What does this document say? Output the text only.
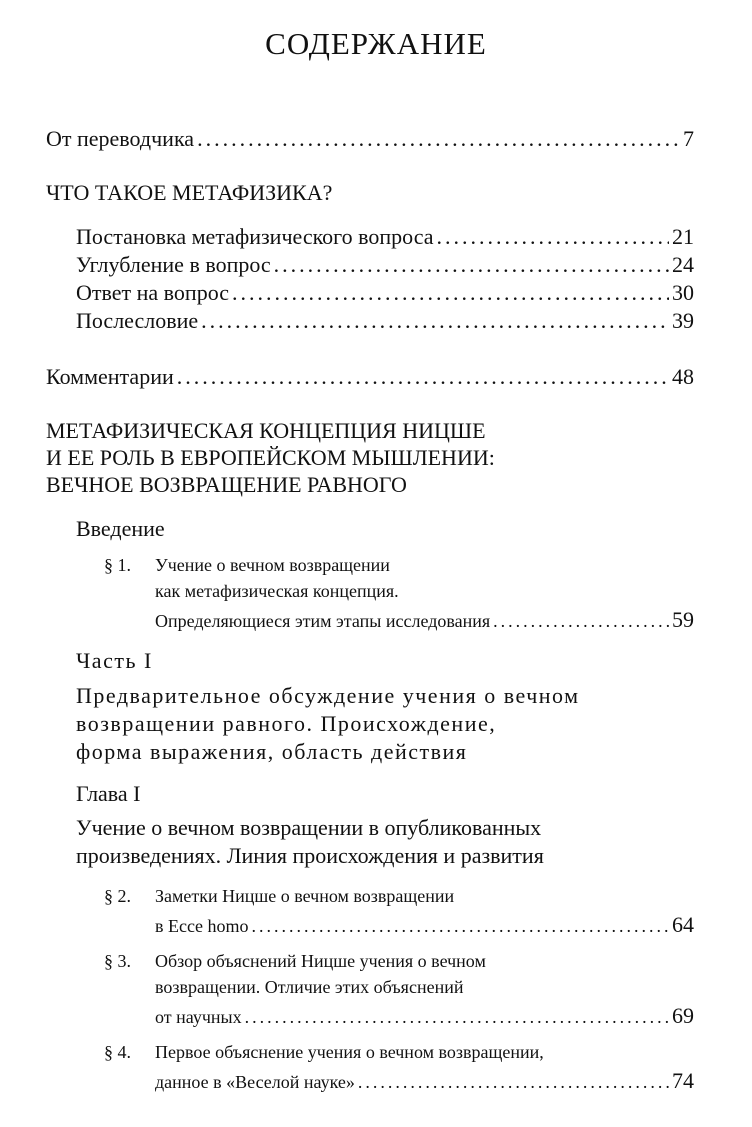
СОДЕРЖАНИЕ
От переводчика .....	7
ЧТО ТАКОЕ МЕТАФИЗИКА?
Постановка метафизического вопроса .....	21
Углубление в вопрос .....	24
Ответ на вопрос .....	30
Послесловие .....	39
Комментарии .....	48
МЕТАФИЗИЧЕСКАЯ КОНЦЕПЦИЯ НИЦШЕ
И ЕЕ РОЛЬ В ЕВРОПЕЙСКОМ МЫШЛЕНИИ:
ВЕЧНОЕ ВОЗВРАЩЕНИЕ РАВНОГО
Введение
§ 1. Учение о вечном возвращении
как метафизическая концепция.
Определяющиеся этим этапы исследования .....	59
Часть I
Предварительное обсуждение учения о вечном
возвращении равного. Происхождение,
форма выражения, область действия
Глава I
Учение о вечном возвращении в опубликованных
произведениях. Линия происхождения и развития
§ 2. Заметки Ницше о вечном возвращении
в Ecce homo .....	64
§ 3. Обзор объяснений Ницше учения о вечном
возвращении. Отличие этих объяснений
от научных .....	69
§ 4. Первое объяснение учения о вечном возвращении,
данное в «Веселой науке» .....	74
